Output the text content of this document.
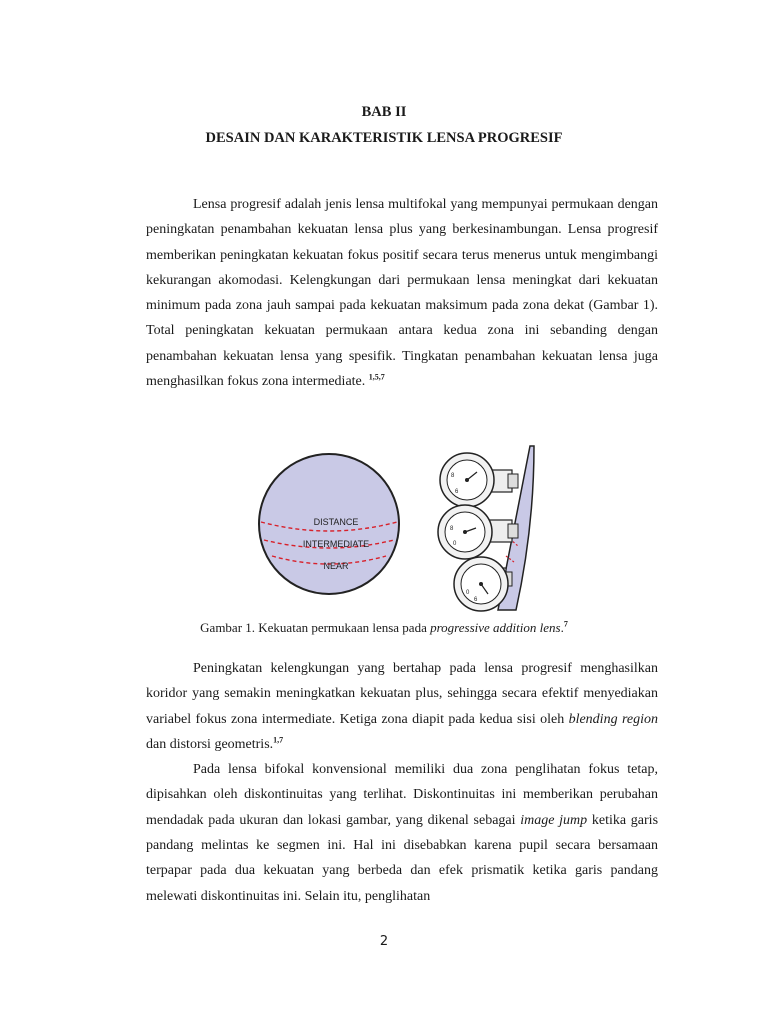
BAB II
DESAIN DAN KARAKTERISTIK LENSA PROGRESIF

Lensa progresif adalah jenis lensa multifokal yang mempunyai permukaan dengan peningkatan penambahan kekuatan lensa plus yang berkesinambungan. Lensa progresif memberikan peningkatan kekuatan fokus positif secara terus menerus untuk mengimbangi kekurangan akomodasi. Kelengkungan dari permukaan lensa meningkat dari kekuatan minimum pada zona jauh sampai pada kekuatan maksimum pada zona dekat (Gambar 1). Total peningkatan kekuatan permukaan antara kedua zona ini sebanding dengan penambahan kekuatan lensa yang spesifik. Tingkatan penambahan kekuatan lensa juga menghasilkan fokus zona intermediate. $^{1,5,7}$

DISTANCE
INTERMEDIATE
NEAR
8
6
8
0
0
6
Gambar 1. Kekuatan permukaan lensa pada progressive addition lens.$^7$

Peningkatan kelengkungan yang bertahap pada lensa progresif menghasilkan koridor yang semakin meningkatkan kekuatan plus, sehingga secara efektif menyediakan variabel fokus zona intermediate. Ketiga zona diapit pada kedua sisi oleh blending region dan distorsi geometris.$^{1,7}$

Pada lensa bifokal konvensional memiliki dua zona penglihatan fokus tetap, dipisahkan oleh diskontinuitas yang terlihat. Diskontinuitas ini memberikan perubahan mendadak pada ukuran dan lokasi gambar, yang dikenal sebagai image jump ketika garis pandang melintas ke segmen ini. Hal ini disebabkan karena pupil secara bersamaan terpapar pada dua kekuatan yang berbeda dan efek prismatik ketika garis pandang melewati diskontinuitas ini. Selain itu, penglihatan

2
